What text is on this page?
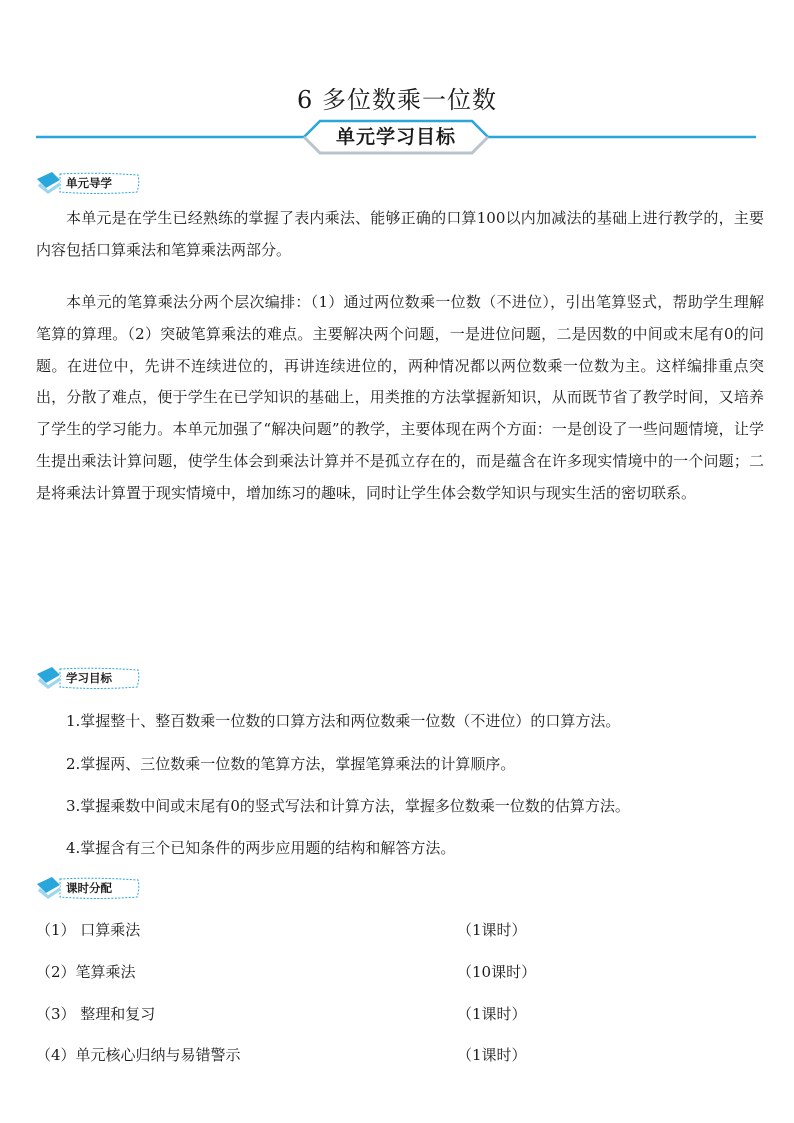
6 多位数乘一位数
单元学习目标
单元导学

本单元是在学生已经熟练的掌握了表内乘法、能够正确的口算100以内加减法的基础上进行教学的，主要内容包括口算乘法和笔算乘法两部分。

本单元的笔算乘法分两个层次编排：（1）通过两位数乘一位数（不进位），引出笔算竖式，帮助学生理解笔算的算理。（2）突破笔算乘法的难点。主要解决两个问题，一是进位问题，二是因数的中间或末尾有0的问题。在进位中，先讲不连续进位的，再讲连续进位的，两种情况都以两位数乘一位数为主。这样编排重点突出，分散了难点，便于学生在已学知识的基础上，用类推的方法掌握新知识，从而既节省了教学时间，又培养了学生的学习能力。本单元加强了“解决问题”的教学，主要体现在两个方面：一是创设了一些问题情境，让学生提出乘法计算问题，使学生体会到乘法计算并不是孤立存在的，而是蕴含在许多现实情境中的一个问题；二是将乘法计算置于现实情境中，增加练习的趣味，同时让学生体会数学知识与现实生活的密切联系。

学习目标

1.掌握整十、整百数乘一位数的口算方法和两位数乘一位数（不进位）的口算方法。

2.掌握两、三位数乘一位数的笔算方法，掌握笔算乘法的计算顺序。

3.掌握乘数中间或末尾有0的竖式写法和计算方法，掌握多位数乘一位数的估算方法。

4.掌握含有三个已知条件的两步应用题的结构和解答方法。

课时分配
（1） 口算乘法	（1课时）
（2）笔算乘法	（10课时）
（3） 整理和复习	（1课时）
（4）单元核心归纳与易错警示	（1课时）
